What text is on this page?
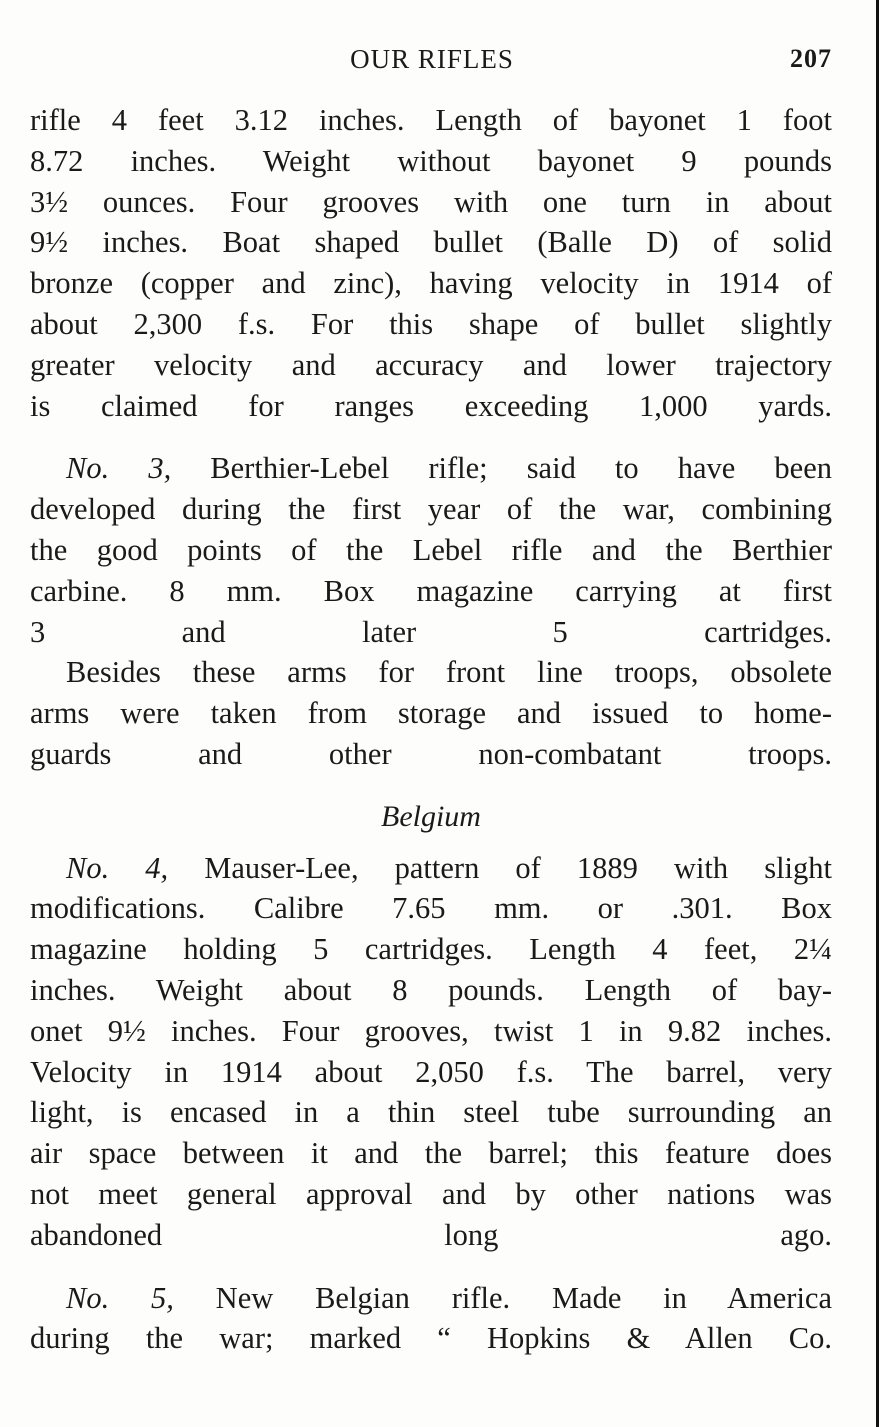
OUR RIFLES	207
rifle 4 feet 3.12 inches. Length of bayonet 1 foot
8.72 inches. Weight without bayonet 9 pounds
3½ ounces. Four grooves with one turn in about
9½ inches. Boat shaped bullet (Balle D) of solid
bronze (copper and zinc), having velocity in 1914 of
about 2,300 f.s. For this shape of bullet slightly
greater velocity and accuracy and lower trajectory
is claimed for ranges exceeding 1,000 yards.
No. 3, Berthier-Lebel rifle; said to have been
developed during the first year of the war, combining
the good points of the Lebel rifle and the Berthier
carbine. 8 mm. Box magazine carrying at first
3 and later 5 cartridges.
Besides these arms for front line troops, obsolete
arms were taken from storage and issued to home-
guards and other non-combatant troops.
Belgium
No. 4, Mauser-Lee, pattern of 1889 with slight
modifications. Calibre 7.65 mm. or .301. Box
magazine holding 5 cartridges. Length 4 feet, 2¼
inches. Weight about 8 pounds. Length of bay-
onet 9½ inches. Four grooves, twist 1 in 9.82 inches.
Velocity in 1914 about 2,050 f.s. The barrel, very
light, is encased in a thin steel tube surrounding an
air space between it and the barrel; this feature does
not meet general approval and by other nations was
abandoned long ago.
No. 5, New Belgian rifle. Made in America
during the war; marked “ Hopkins & Allen Co.
